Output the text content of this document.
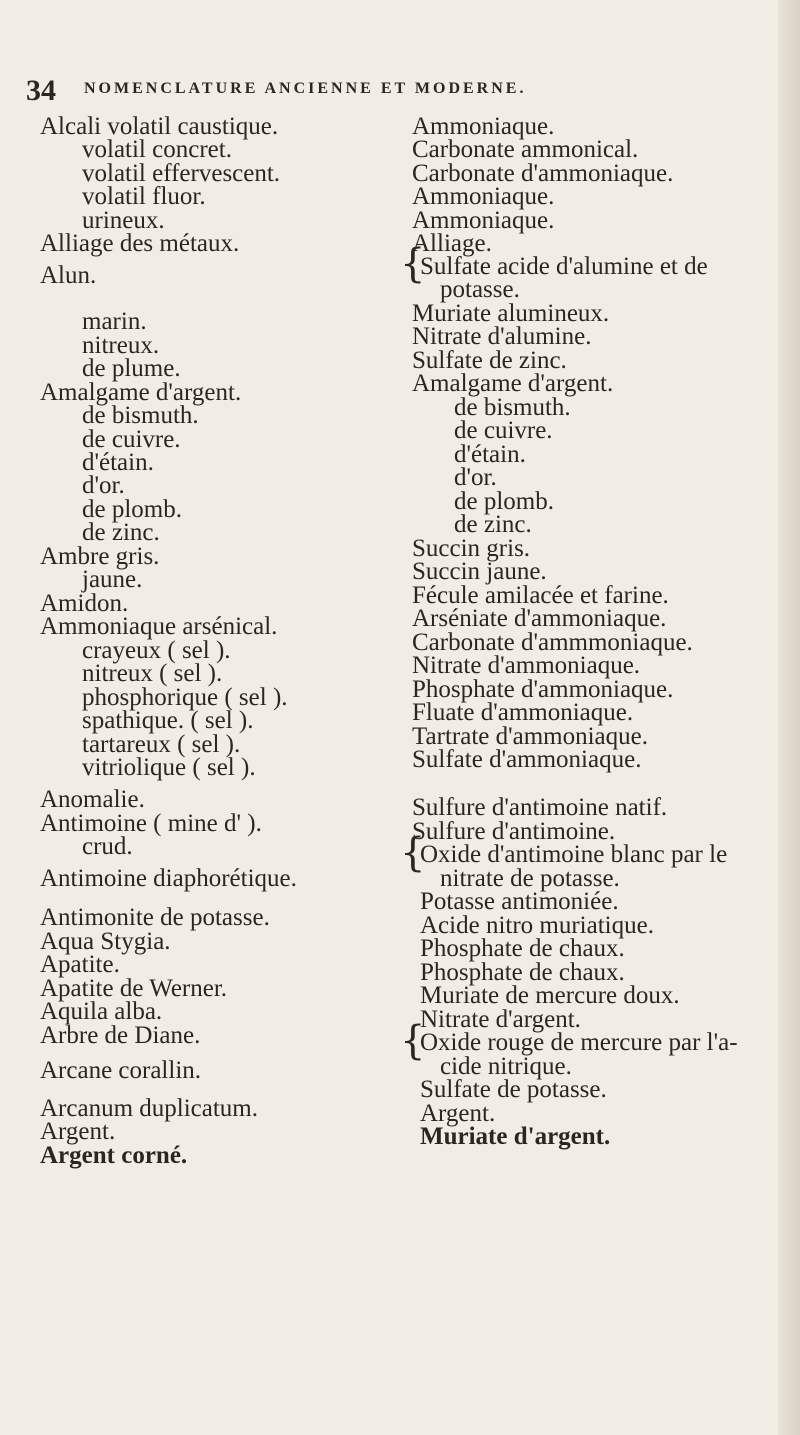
34 NOMENCLATURE ANCIENNE ET MODERNE.
Alcali volatil caustique.
volatil concret.
volatil effervescent.
volatil fluor.
urineux.
Alliage des métaux.
Alun.
marin.
nitreux.
de plume.
Amalgame d'argent.
de bismuth.
de cuivre.
d'étain.
d'or.
de plomb.
de zinc.
Ambre gris.
jaune.
Amidon.
Ammoniaque arsénical.
crayeux ( sel ).
nitreux ( sel ).
phosphorique ( sel ).
spathique. ( sel ).
tartareux ( sel ).
vitriolique ( sel ).
Anomalie.
Antimoine ( mine d' ).
crud.
Antimoine diaphorétique.
Antimonite de potasse.
Aqua Stygia.
Apatite.
Apatite de Werner.
Aquila alba.
Arbre de Diane.
Arcane corallin.
Arcanum duplicatum.
Argent.
Argent corné.
Ammoniaque.
Carbonate ammonical.
Carbonate d'ammoniaque.
Ammoniaque.
Ammoniaque.
Alliage.
{
Sulfate acide d'alumine et de
potasse.
Muriate alumineux.
Nitrate d'alumine.
Sulfate de zinc.
Amalgame d'argent.
de bismuth.
de cuivre.
d'étain.
d'or.
de plomb.
de zinc.
Succin gris.
Succin jaune.
Fécule amilacée et farine.
Arséniate d'ammoniaque.
Carbonate d'ammmoniaque.
Nitrate d'ammoniaque.
Phosphate d'ammoniaque.
Fluate d'ammoniaque.
Tartrate d'ammoniaque.
Sulfate d'ammoniaque.
Sulfure d'antimoine natif.
Sulfure d'antimoine.
{
Oxide d'antimoine blanc par le
nitrate de potasse.
Potasse antimoniée.
Acide nitro muriatique.
Phosphate de chaux.
Phosphate de chaux.
Muriate de mercure doux.
Nitrate d'argent.
{
Oxide rouge de mercure par l'a-
cide nitrique.
Sulfate de potasse.
Argent.
Muriate d'argent.
